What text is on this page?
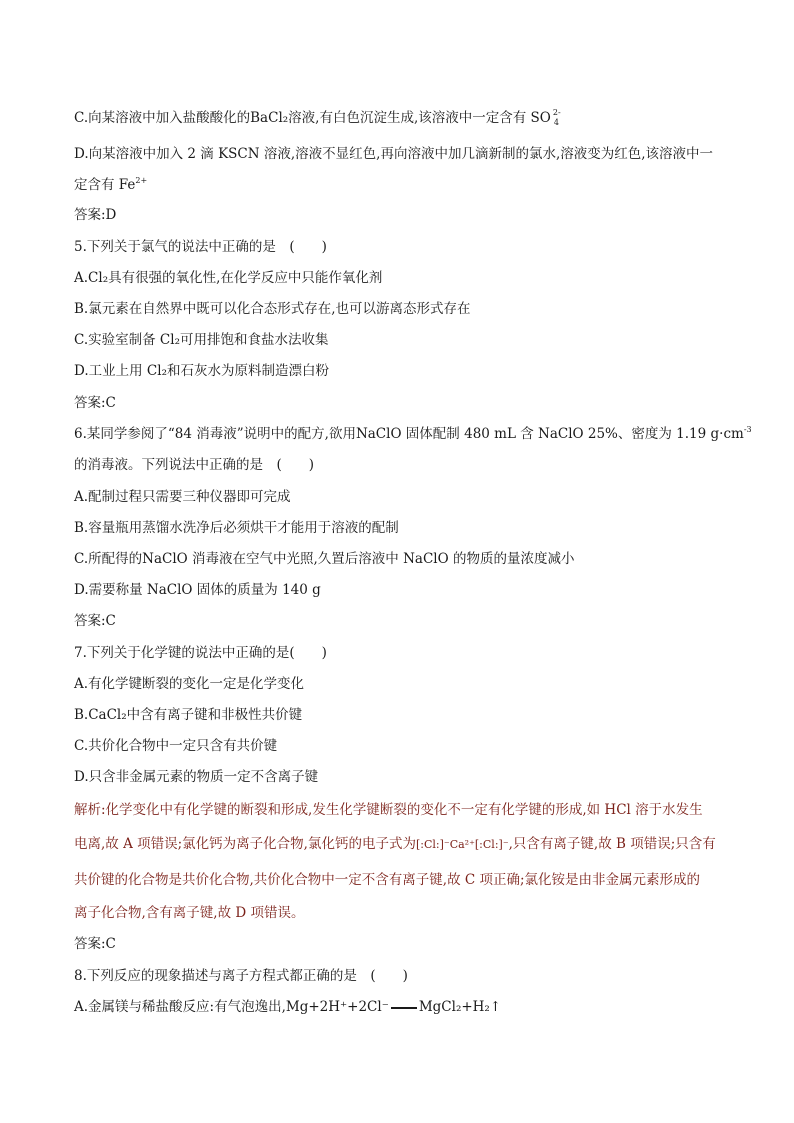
C.向某溶液中加入盐酸酸化的BaCl₂溶液,有白色沉淀生成,该溶液中一定含有 SO 2-
4
D.向某溶液中加入 2 滴 KSCN 溶液,溶液不显红色,再向溶液中加几滴新制的氯水,溶液变为红色,该溶液中一
定含有 $Fe^{2+}$
答案:D
5.下列关于氯气的说法中正确的是　(　　)
A.Cl₂具有很强的氧化性,在化学反应中只能作氧化剂
B.氯元素在自然界中既可以化合态形式存在,也可以游离态形式存在
C.实验室制备 Cl₂可用排饱和食盐水法收集
D.工业上用 Cl₂和石灰水为原料制造漂白粉
答案:C
6.某同学参阅了“84 消毒液”说明中的配方,欲用NaClO 固体配制 480 mL 含 NaClO 25%、密度为 1.19 $g\cdot cm^{-3}$
的消毒液。下列说法中正确的是　(　　)
A.配制过程只需要三种仪器即可完成
B.容量瓶用蒸馏水洗净后必须烘干才能用于溶液的配制
C.所配得的NaClO 消毒液在空气中光照,久置后溶液中 NaClO 的物质的量浓度减小
D.需要称量 NaClO 固体的质量为 140 g
答案:C
7.下列关于化学键的说法中正确的是(　　)
A.有化学键断裂的变化一定是化学变化
B.CaCl₂中含有离子键和非极性共价键
C.共价化合物中一定只含有共价键
D.只含非金属元素的物质一定不含离子键
解析:化学变化中有化学键的断裂和形成,发生化学键断裂的变化不一定有化学键的形成,如 HCl 溶于水发生
电离,故 A 项错误;氯化钙为离子化合物,氯化钙的电子式为[:Cl:]⁻Ca²⁺[:Cl:]⁻,只含有离子键,故 B 项错误;只含有
共价键的化合物是共价化合物,共价化合物中一定不含有离子键,故 C 项正确;氯化铵是由非金属元素形成的
离子化合物,含有离子键,故 D 项错误。
答案:C
8.下列反应的现象描述与离子方程式都正确的是　(　　)
A.金属镁与稀盐酸反应:有气泡逸出,Mg+2H⁺+2Cl⁻ MgCl₂+H₂↑
